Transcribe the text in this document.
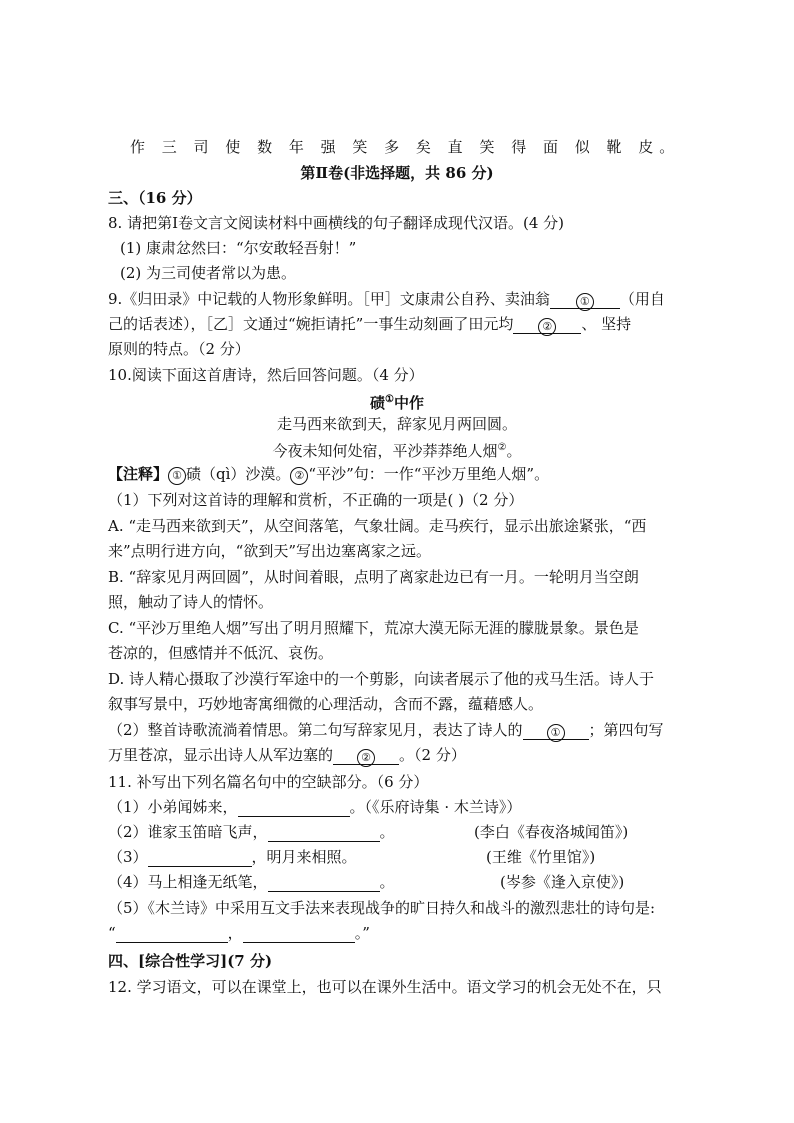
作 三 司 使 数 年 强 笑 多 矣 直 笑 得 面 似 靴 皮。
第Ⅱ卷(非选择题，共 86 分)
三、（16 分）
8. 请把第Ⅰ卷文言文阅读材料中画横线的句子翻译成现代汉语。(4 分)
(1) 康肃忿然曰：“尔安敢轻吾射！”
(2) 为三司使者常以为患。
9.《归田录》中记载的人物形象鲜明。［甲］文康肃公自矜、卖油翁	① （用自
己的话表述），［乙］文通过“婉拒请托”一事生动刻画了田元均	② 、 坚持
原则的特点。（2 分）
10.阅读下面这首唐诗，然后回答问题。（4 分）
碛①中作
走马西来欲到天，辞家见月两回圆。
今夜未知何处宿，平沙莽莽绝人烟②。
【注释】 ① 碛（qì）沙漠。 ② “平沙”句：一作“平沙万里绝人烟”。
（1）下列对这首诗的理解和赏析，不正确的一项是( )（2 分）
A. “走马西来欲到天”，从空间落笔，气象壮阔。走马疾行，显示出旅途紧张，“西
来”点明行进方向，“欲到天”写出边塞离家之远。
B. “辞家见月两回圆”，从时间着眼，点明了离家赴边已有一月。一轮明月当空朗
照，触动了诗人的情怀。
C. “平沙万里绝人烟”写出了明月照耀下，荒凉大漠无际无涯的朦胧景象。景色是
苍凉的，但感情并不低沉、哀伤。
D. 诗人精心摄取了沙漠行军途中的一个剪影，向读者展示了他的戎马生活。诗人于
叙事写景中，巧妙地寄寓细微的心理活动，含而不露，蕴藉感人。
（2）整首诗歌流淌着情思。第二句写辞家见月，表达了诗人的	① ；第四句写
万里苍凉，显示出诗人从军边塞的	② 。（2 分）
11. 补写出下列名篇名句中的空缺部分。（6 分）
（1）小弟闻姊来，	。（《乐府诗集 · 木兰诗》）
（2）谁家玉笛暗飞声，	。	(李白《春夜洛城闻笛》)
（3）	，明月来相照。	(王维《竹里馆》)
（4）马上相逢无纸笔，	。	(岑参《逢入京使》)
（5）《木兰诗》中采用互文手法来表现战争的旷日持久和战斗的激烈悲壮的诗句是:
“	，	。”
四、[综合性学习](7 分)
12. 学习语文，可以在课堂上，也可以在课外生活中。语文学习的机会无处不在，只
